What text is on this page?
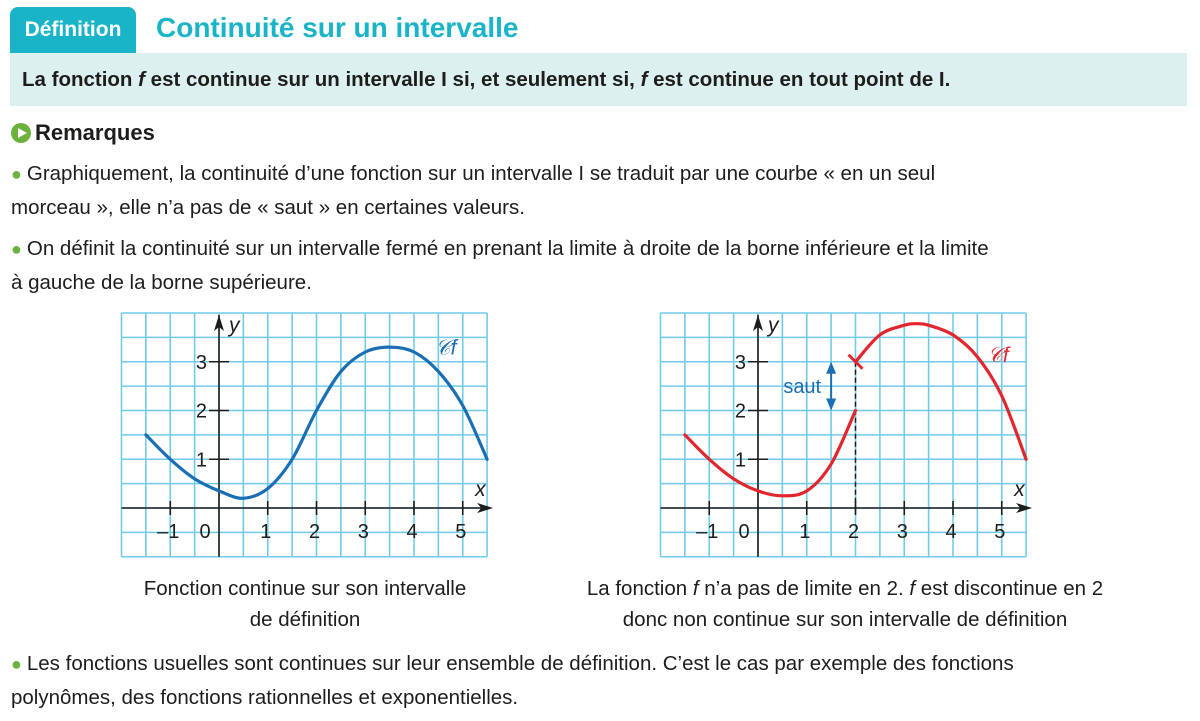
Définition	Continuité sur un intervalle
La fonction f est continue sur un intervalle I si, et seulement si, f est continue en tout point de I.
Remarques
● Graphiquement, la continuité d’une fonction sur un intervalle I se traduit par une courbe « en un seul
morceau », elle n’a pas de « saut » en certaines valeurs.
● On définit la continuité sur un intervalle fermé en prenant la limite à droite de la borne inférieure et la limite
à gauche de la borne supérieure.
x
y
–1	1 2 3 4 5
0
1
2
3
𝒞f
x
y
–1	1 2 3 4 5
0
1
2
3
saut
𝒞f
Fonction continue sur son intervalle
de définition
La fonction f n’a pas de limite en 2. f est discontinue en 2
donc non continue sur son intervalle de définition
● Les fonctions usuelles sont continues sur leur ensemble de définition. C’est le cas par exemple des fonctions
polynômes, des fonctions rationnelles et exponentielles.
